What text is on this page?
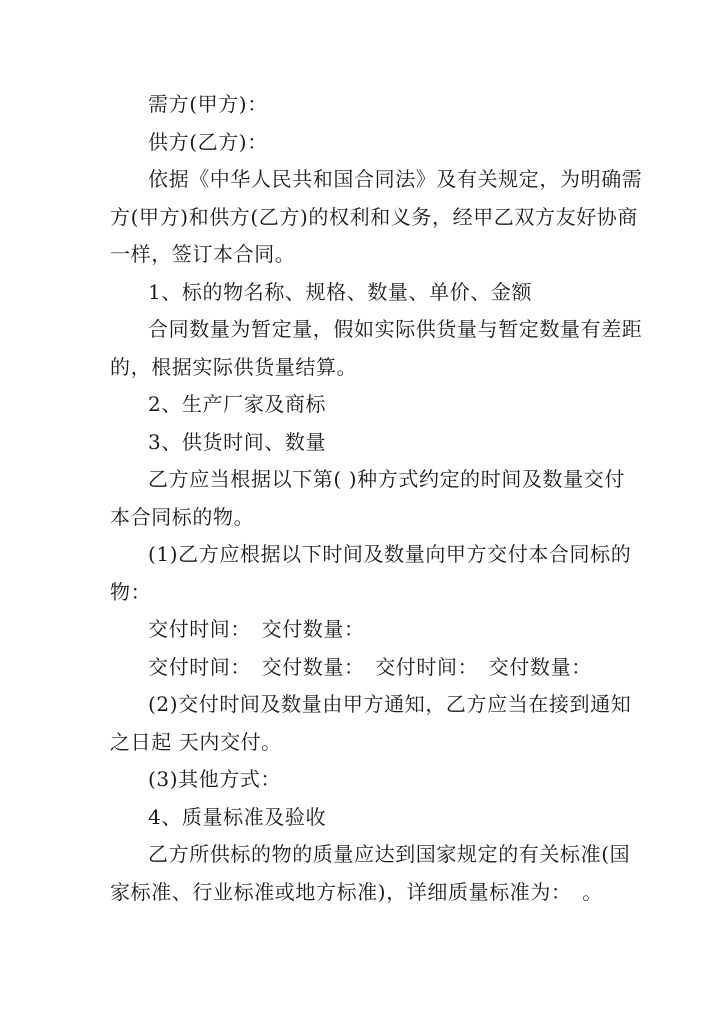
需方(甲方)：
供方(乙方)：
依据《中华人民共和国合同法》及有关规定，为明确需
方(甲方)和供方(乙方)的权利和义务，经甲乙双方友好协商
一样，签订本合同。
1、标的物名称、规格、数量、单价、金额
合同数量为暂定量，假如实际供货量与暂定数量有差距
的，根据实际供货量结算。
2、生产厂家及商标
3、供货时间、数量
乙方应当根据以下第( )种方式约定的时间及数量交付
本合同标的物。
(1)乙方应根据以下时间及数量向甲方交付本合同标的
物：
交付时间：　交付数量：
交付时间：　交付数量：　交付时间：　交付数量：
(2)交付时间及数量由甲方通知，乙方应当在接到通知
之日起 天内交付。
(3)其他方式：
4、质量标准及验收
乙方所供标的物的质量应达到国家规定的有关标准(国
家标准、行业标准或地方标准)，详细质量标准为：　。
